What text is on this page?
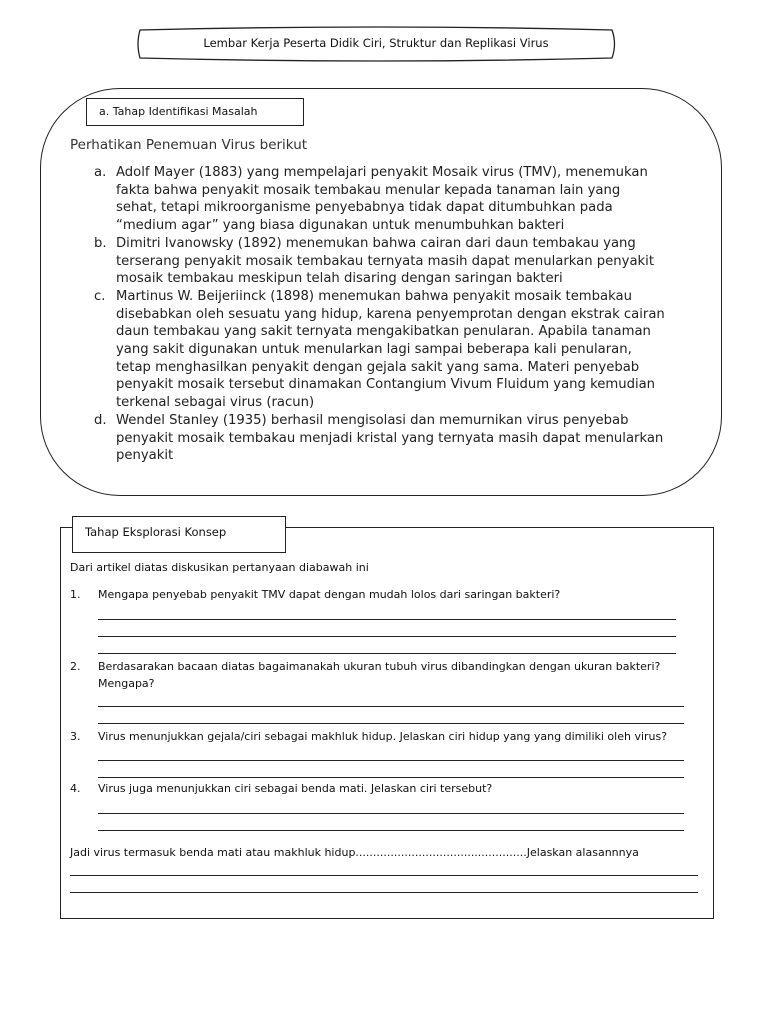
Lembar Kerja Peserta Didik Ciri, Struktur dan Replikasi Virus
a. Tahap Identifikasi Masalah
Perhatikan Penemuan Virus berikut
a. Adolf Mayer (1883) yang mempelajari penyakit Mosaik virus (TMV), menemukan
fakta bahwa penyakit mosaik tembakau menular kepada tanaman lain yang
sehat, tetapi mikroorganisme penyebabnya tidak dapat ditumbuhkan pada
“medium agar” yang biasa digunakan untuk menumbuhkan bakteri
b. Dimitri Ivanowsky (1892) menemukan bahwa cairan dari daun tembakau yang
terserang penyakit mosaik tembakau ternyata masih dapat menularkan penyakit
mosaik tembakau meskipun telah disaring dengan saringan bakteri
c. Martinus W. Beijeriinck (1898) menemukan bahwa penyakit mosaik tembakau
disebabkan oleh sesuatu yang hidup, karena penyemprotan dengan ekstrak cairan
daun tembakau yang sakit ternyata mengakibatkan penularan. Apabila tanaman
yang sakit digunakan untuk menularkan lagi sampai beberapa kali penularan,
tetap menghasilkan penyakit dengan gejala sakit yang sama. Materi penyebab
penyakit mosaik tersebut dinamakan Contangium Vivum Fluidum yang kemudian
terkenal sebagai virus (racun)
d. Wendel Stanley (1935) berhasil mengisolasi dan memurnikan virus penyebab
penyakit mosaik tembakau menjadi kristal yang ternyata masih dapat menularkan
penyakit
Tahap Eksplorasi Konsep
Dari artikel diatas diskusikan pertanyaan diabawah ini
1. Mengapa penyebab penyakit TMV dapat dengan mudah lolos dari saringan bakteri?
2. Berdasarakan bacaan diatas bagaimanakah ukuran tubuh virus dibandingkan dengan ukuran bakteri?
Mengapa?
3. Virus menunjukkan gejala/ciri sebagai makhluk hidup. Jelaskan ciri hidup yang yang dimiliki oleh virus?
4. Virus juga menunjukkan ciri sebagai benda mati. Jelaskan ciri tersebut?
Jadi virus termasuk benda mati atau makhluk hidup.................................................Jelaskan alasannnya
